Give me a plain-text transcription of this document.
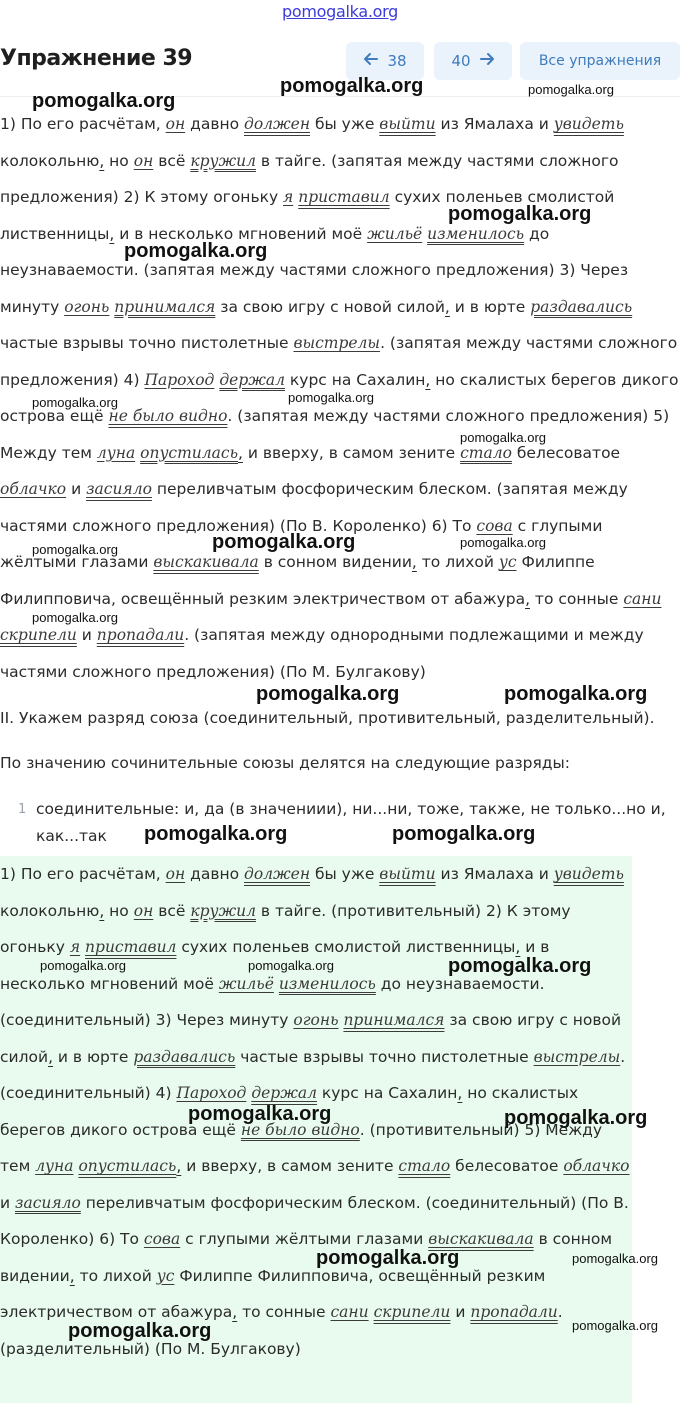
pomogalka.org
Упражнение 39	38	40	Все упражнения

1) По его расчётам, он давно должен бы уже выйти из Ямалаха и увидеть колокольню, но он всё кружил в тайге. (запятая между частями сложного предложения) 2) К этому огоньку я приставил сухих поленьев смолистой лиственницы, и в несколько мгновений моё жильё изменилось до неузнаваемости. (запятая между частями сложного предложения) 3) Через минуту огонь принимался за свою игру с новой силой, и в юрте раздавались частые взрывы точно пистолетные выстрелы. (запятая между частями сложного предложения) 4) Пароход держал курс на Сахалин, но скалистых берегов дикого острова ещё не было видно. (запятая между частями сложного предложения) 5) Между тем луна опустилась, и вверху, в самом зените стало белесоватое облачко и засияло переливчатым фосфорическим блеском. (запятая между частями сложного предложения) (По В. Короленко) 6) То сова с глупыми жёлтыми глазами выскакивала в сонном видении, то лихой ус Филиппе Филипповича, освещённый резким электричеством от абажура, то сонные сани скрипели и пропадали. (запятая между однородными подлежащими и между частями сложного предложения) (По М. Булгакову)

II. Укажем разряд союза (соединительный, противительный, разделительный).

По значению сочинительные союзы делятся на следующие разряды:

1 соединительные: и, да (в значениии), ни...ни, тоже, также, не только...но и, как...так

1) По его расчётам, он давно должен бы уже выйти из Ямалаха и увидеть колокольню, но он всё кружил в тайге. (противительный) 2) К этому огоньку я приставил сухих поленьев смолистой лиственницы, и в несколько мгновений моё жильё изменилось до неузнаваемости. (соединительный) 3) Через минуту огонь принимался за свою игру с новой силой, и в юрте раздавались частые взрывы точно пистолетные выстрелы. (соединительный) 4) Пароход держал курс на Сахалин, но скалистых берегов дикого острова ещё не было видно. (противительный) 5) Между тем луна опустилась, и вверху, в самом зените стало белесоватое облачко и засияло переливчатым фосфорическим блеском. (соединительный) (По В. Короленко) 6) То сова с глупыми жёлтыми глазами выскакивала в сонном видении, то лихой ус Филиппе Филипповича, освещённый резким электричеством от абажура, то сонные сани скрипели и пропадали. (разделительный) (По М. Булгакову)

pomogalka.org
pomogalka.org	pomogalka.org
pomogalka.org
pomogalka.org
pomogalka.org	pomogalka.org
pomogalka.org
pomogalka.org	pomogalka.org
pomogalka.org
pomogalka.org
pomogalka.org	pomogalka.org
pomogalka.org	pomogalka.org
pomogalka.org
pomogalka.org	pomogalka.org
pomogalka.org	pomogalka.org
pomogalka.org
pomogalka.org
pomogalka.org
pomogalka.org
